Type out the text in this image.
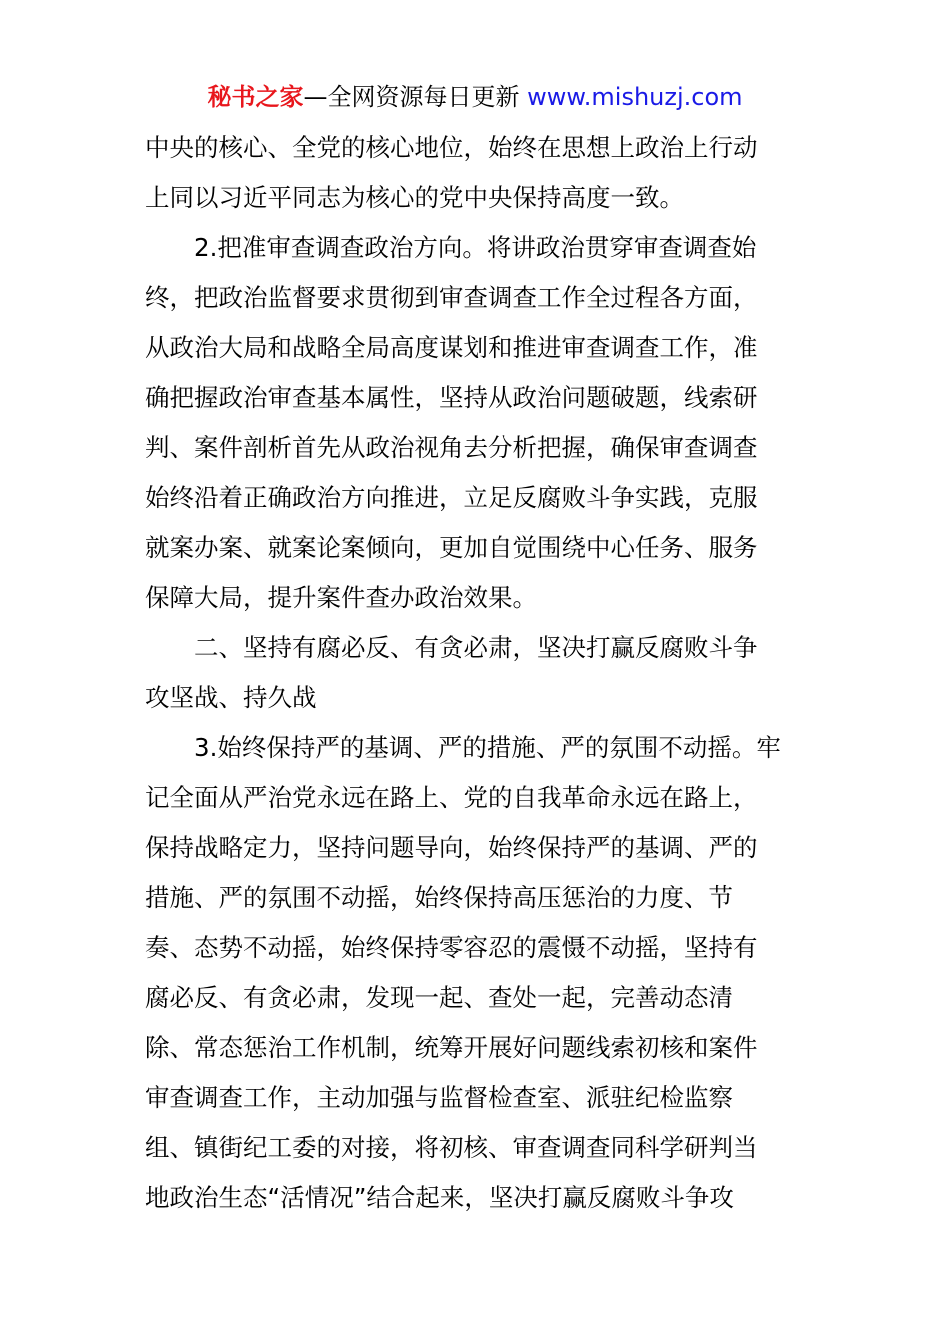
秘书之家—全网资源每日更新 www.mishuzj.com
中央的核心、全党的核心地位，始终在思想上政治上行动
上同以习近平同志为核心的党中央保持高度一致。
　　2.把准审查调查政治方向。将讲政治贯穿审查调查始
终，把政治监督要求贯彻到审查调查工作全过程各方面，
从政治大局和战略全局高度谋划和推进审查调查工作，准
确把握政治审查基本属性，坚持从政治问题破题，线索研
判、案件剖析首先从政治视角去分析把握，确保审查调查
始终沿着正确政治方向推进，立足反腐败斗争实践，克服
就案办案、就案论案倾向，更加自觉围绕中心任务、服务
保障大局，提升案件查办政治效果。
　　二、坚持有腐必反、有贪必肃，坚决打赢反腐败斗争
攻坚战、持久战
　　3.始终保持严的基调、严的措施、严的氛围不动摇。牢
记全面从严治党永远在路上、党的自我革命永远在路上，
保持战略定力，坚持问题导向，始终保持严的基调、严的
措施、严的氛围不动摇，始终保持高压惩治的力度、节
奏、态势不动摇，始终保持零容忍的震慑不动摇，坚持有
腐必反、有贪必肃，发现一起、查处一起，完善动态清
除、常态惩治工作机制，统筹开展好问题线索初核和案件
审查调查工作，主动加强与监督检查室、派驻纪检监察
组、镇街纪工委的对接，将初核、审查调查同科学研判当
地政治生态“活情况”结合起来，坚决打赢反腐败斗争攻
